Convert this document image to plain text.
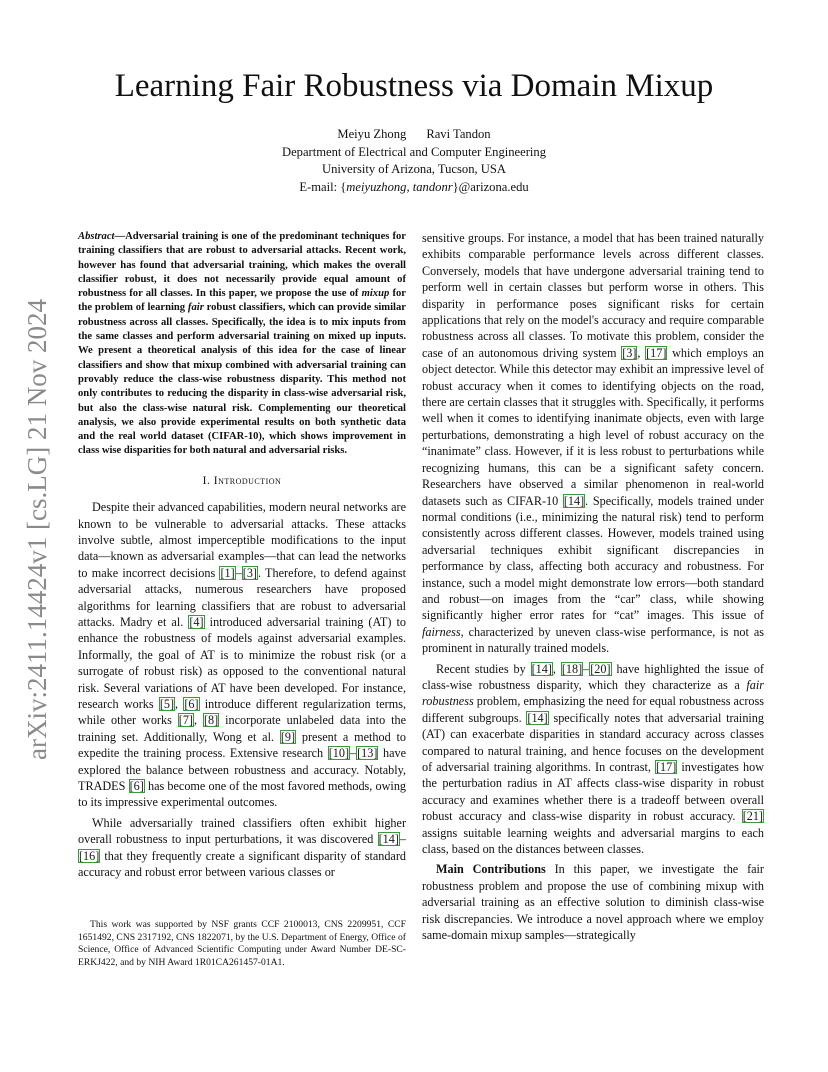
arXiv:2411.14424v1 [cs.LG] 21 Nov 2024
Learning Fair Robustness via Domain Mixup
Meiyu Zhong Ravi Tandon
Department of Electrical and Computer Engineering
University of Arizona, Tucson, USA
E-mail: {meiyuzhong, tandonr}@arizona.edu
Abstract—Adversarial training is one of the predominant techniques for training classifiers that are robust to adversarial attacks. Recent work, however has found that adversarial training, which makes the overall classifier robust, it does not necessarily provide equal amount of robustness for all classes. In this paper, we propose the use of mixup for the problem of learning fair robust classifiers, which can provide similar robustness across all classes. Specifically, the idea is to mix inputs from the same classes and perform adversarial training on mixed up inputs. We present a theoretical analysis of this idea for the case of linear classifiers and show that mixup combined with adversarial training can provably reduce the class-wise robustness disparity. This method not only contributes to reducing the disparity in class-wise adversarial risk, but also the class-wise natural risk. Complementing our theoretical analysis, we also provide experimental results on both synthetic data and the real world dataset (CIFAR-10), which shows improvement in class wise disparities for both natural and adversarial risks.
I. Introduction

Despite their advanced capabilities, modern neural networks are known to be vulnerable to adversarial attacks. These attacks involve subtle, almost imperceptible modifications to the input data—known as adversarial examples—that can lead the networks to make incorrect decisions [1]–[3]. Therefore, to defend against adversarial attacks, numerous researchers have proposed algorithms for learning classifiers that are robust to adversarial attacks. Madry et al. [4] introduced adversarial training (AT) to enhance the robustness of models against adversarial examples. Informally, the goal of AT is to minimize the robust risk (or a surrogate of robust risk) as opposed to the conventional natural risk. Several variations of AT have been developed. For instance, research works [5], [6] introduce different regularization terms, while other works [7], [8] incorporate unlabeled data into the training set. Additionally, Wong et al. [9] present a method to expedite the training process. Extensive research [10]–[13] have explored the balance between robustness and accuracy. Notably, TRADES [6] has become one of the most favored methods, owing to its impressive experimental outcomes.

While adversarially trained classifiers often exhibit higher overall robustness to input perturbations, it was discovered [14]–[16] that they frequently create a significant disparity of standard accuracy and robust error between various classes or

This work was supported by NSF grants CCF 2100013, CNS 2209951, CCF 1651492, CNS 2317192, CNS 1822071, by the U.S. Department of Energy, Office of Science, Office of Advanced Scientific Computing under Award Number DE-SC-ERKJ422, and by NIH Award 1R01CA261457-01A1.

sensitive groups. For instance, a model that has been trained naturally exhibits comparable performance levels across different classes. Conversely, models that have undergone adversarial training tend to perform well in certain classes but perform worse in others. This disparity in performance poses significant risks for certain applications that rely on the model's accuracy and require comparable robustness across all classes. To motivate this problem, consider the case of an autonomous driving system [3], [17] which employs an object detector. While this detector may exhibit an impressive level of robust accuracy when it comes to identifying objects on the road, there are certain classes that it struggles with. Specifically, it performs well when it comes to identifying inanimate objects, even with large perturbations, demonstrating a high level of robust accuracy on the “inanimate” class. However, if it is less robust to perturbations while recognizing humans, this can be a significant safety concern. Researchers have observed a similar phenomenon in real-world datasets such as CIFAR-10 [14]. Specifically, models trained under normal conditions (i.e., minimizing the natural risk) tend to perform consistently across different classes. However, models trained using adversarial techniques exhibit significant discrepancies in performance by class, affecting both accuracy and robustness. For instance, such a model might demonstrate low errors—both standard and robust—on images from the “car” class, while showing significantly higher error rates for “cat” images. This issue of fairness, characterized by uneven class-wise performance, is not as prominent in naturally trained models.

Recent studies by [14], [18]–[20] have highlighted the issue of class-wise robustness disparity, which they characterize as a fair robustness problem, emphasizing the need for equal robustness across different subgroups. [14] specifically notes that adversarial training (AT) can exacerbate disparities in standard accuracy across classes compared to natural training, and hence focuses on the development of adversarial training algorithms. In contrast, [17] investigates how the perturbation radius in AT affects class-wise disparity in robust accuracy and examines whether there is a tradeoff between overall robust accuracy and class-wise disparity in robust accuracy. [21] assigns suitable learning weights and adversarial margins to each class, based on the distances between classes.

Main Contributions In this paper, we investigate the fair robustness problem and propose the use of combining mixup with adversarial training as an effective solution to diminish class-wise risk discrepancies. We introduce a novel approach where we employ same-domain mixup samples—strategically
